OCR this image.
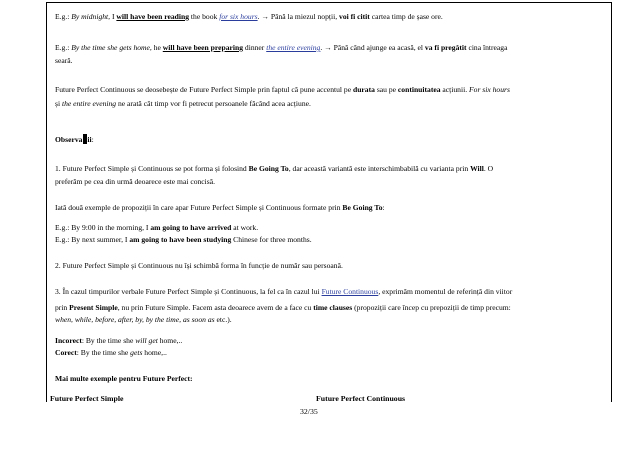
E.g.: By midnight, I will have been reading the book for six hours. → Până la miezul nopții, voi fi citit cartea timp de șase ore.
E.g.: By the time she gets home, he will have been preparing dinner the entire evening. → Până când ajunge ea acasă, el va fi pregătit cina întreaga
seară.
Future Perfect Continuous se deosebește de Future Perfect Simple prin faptul că pune accentul pe durata sau pe continuitatea acțiunii. For six hours
și the entire evening ne arată cât timp vor fi petrecut persoanele făcând acea acțiune.
Observa ii:
1. Future Perfect Simple și Continuous se pot forma și folosind Be Going To, dar această variantă este interschimbabilă cu varianta prin Will. O
preferăm pe cea din urmă deoarece este mai concisă.
Iată două exemple de propoziții în care apar Future Perfect Simple și Continuous formate prin Be Going To:
E.g.: By 9:00 in the morning, I am going to have arrived at work.
E.g.: By next summer, I am going to have been studying Chinese for three months.
2. Future Perfect Simple și Continuous nu își schimbă forma în funcție de număr sau persoană.
3. În cazul timpurilor verbale Future Perfect Simple și Continuous, la fel ca în cazul lui Future Continuous, exprimăm momentul de referință din viitor
prin Present Simple, nu prin Future Simple. Facem asta deoarece avem de a face cu time clauses (propoziții care încep cu prepoziții de timp precum:
when, while, before, after, by, by the time, as soon as etc.).
Incorect: By the time she will get home,..
Corect: By the time she gets home,..
Mai multe exemple pentru Future Perfect:
Future Perfect Simple	Future Perfect Continuous
32/35
